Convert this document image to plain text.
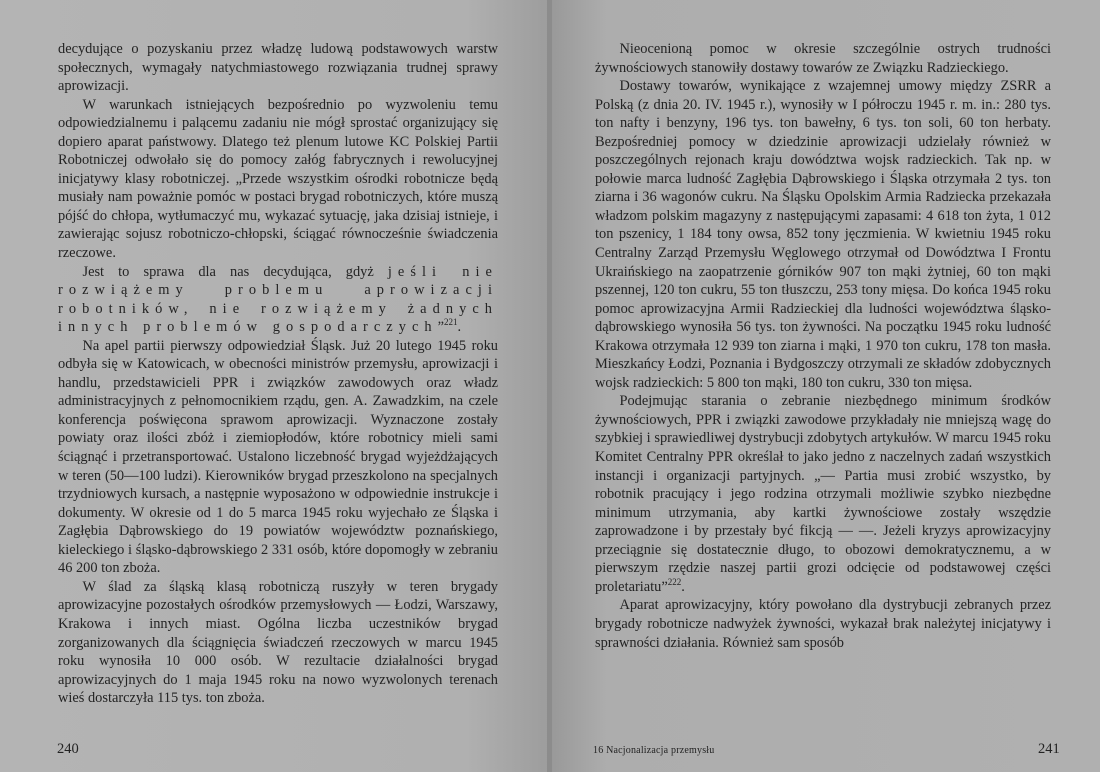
decydujące o pozyskaniu przez władzę ludową podstawowych warstw społecznych, wymagały natychmiastowego rozwiązania trudnej sprawy aprowizacji.

W warunkach istniejących bezpośrednio po wyzwoleniu temu odpowiedzialnemu i palącemu zadaniu nie mógł sprostać organizujący się dopiero aparat państwowy. Dlatego też plenum lutowe KC Polskiej Partii Robotniczej odwołało się do pomocy załóg fabrycznych i rewolucyjnej inicjatywy klasy robotniczej. „Przede wszystkim ośrodki robotnicze będą musiały nam poważnie pomóc w postaci brygad robotniczych, które muszą pójść do chłopa, wytłumaczyć mu, wykazać sytuację, jaka dzisiaj istnieje, i zawierając sojusz robotniczo-chłopski, ściągać równocześnie świadczenia rzeczowe.

Jest to sprawa dla nas decydująca, gdyż jeśli nie rozwiążemy problemu aprowizacji robotników, nie rozwiążemy żadnych innych problemów gospodarczych”$^{221}$.

Na apel partii pierwszy odpowiedział Śląsk. Już 20 lutego 1945 roku odbyła się w Katowicach, w obecności ministrów przemysłu, aprowizacji i handlu, przedstawicieli PPR i związków zawodowych oraz władz administracyjnych z pełnomocnikiem rządu, gen. A. Zawadzkim, na czele konferencja poświęcona sprawom aprowizacji. Wyznaczone zostały powiaty oraz ilości zbóż i ziemiopłodów, które robotnicy mieli sami ściągnąć i przetransportować. Ustalono liczebność brygad wyjeżdżających w teren (50—100 ludzi). Kierowników brygad przeszkolono na specjalnych trzydniowych kursach, a następnie wyposażono w odpowiednie instrukcje i dokumenty. W okresie od 1 do 5 marca 1945 roku wyjechało ze Śląska i Zagłębia Dąbrowskiego do 19 powiatów województw poznańskiego, kieleckiego i śląsko-dąbrowskiego 2 331 osób, które dopomogły w zebraniu 46 200 ton zboża.

W ślad za śląską klasą robotniczą ruszyły w teren brygady aprowizacyjne pozostałych ośrodków przemysłowych — Łodzi, Warszawy, Krakowa i innych miast. Ogólna liczba uczestników brygad zorganizowanych dla ściągnięcia świadczeń rzeczowych w marcu 1945 roku wynosiła 10 000 osób. W rezultacie działalności brygad aprowizacyjnych do 1 maja 1945 roku na nowo wyzwolonych terenach wieś dostarczyła 115 tys. ton zboża.

240

Nieocenioną pomoc w okresie szczególnie ostrych trudności żywnościowych stanowiły dostawy towarów ze Związku Radzieckiego.

Dostawy towarów, wynikające z wzajemnej umowy między ZSRR a Polską (z dnia 20. IV. 1945 r.), wynosiły w I półroczu 1945 r. m. in.: 280 tys. ton nafty i benzyny, 196 tys. ton bawełny, 6 tys. ton soli, 60 ton herbaty. Bezpośredniej pomocy w dziedzinie aprowizacji udzielały również w poszczególnych rejonach kraju dowództwa wojsk radzieckich. Tak np. w połowie marca ludność Zagłębia Dąbrowskiego i Śląska otrzymała 2 tys. ton ziarna i 36 wagonów cukru. Na Śląsku Opolskim Armia Radziecka przekazała władzom polskim magazyny z następującymi zapasami: 4 618 ton żyta, 1 012 ton pszenicy, 1 184 tony owsa, 852 tony jęczmienia. W kwietniu 1945 roku Centralny Zarząd Przemysłu Węglowego otrzymał od Dowództwa I Frontu Ukraińskiego na zaopatrzenie górników 907 ton mąki żytniej, 60 ton mąki pszennej, 120 ton cukru, 55 ton tłuszczu, 253 tony mięsa. Do końca 1945 roku pomoc aprowizacyjna Armii Radzieckiej dla ludności województwa śląsko-dąbrowskiego wynosiła 56 tys. ton żywności. Na początku 1945 roku ludność Krakowa otrzymała 12 939 ton ziarna i mąki, 1 970 ton cukru, 178 ton masła. Mieszkańcy Łodzi, Poznania i Bydgoszczy otrzymali ze składów zdobycznych wojsk radzieckich: 5 800 ton mąki, 180 ton cukru, 330 ton mięsa.

Podejmując starania o zebranie niezbędnego minimum środków żywnościowych, PPR i związki zawodowe przykładały nie mniejszą wagę do szybkiej i sprawiedliwej dystrybucji zdobytych artykułów. W marcu 1945 roku Komitet Centralny PPR określał to jako jedno z naczelnych zadań wszystkich instancji i organizacji partyjnych. „— Partia musi zrobić wszystko, by robotnik pracujący i jego rodzina otrzymali możliwie szybko niezbędne minimum utrzymania, aby kartki żywnościowe zostały wszędzie zaprowadzone i by przestały być fikcją — —. Jeżeli kryzys aprowizacyjny przeciągnie się dostatecznie długo, to obozowi demokratycznemu, a w pierwszym rzędzie naszej partii grozi odcięcie od podstawowej części proletariatu”$^{222}$.

Aparat aprowizacyjny, który powołano dla dystrybucji zebranych przez brygady robotnicze nadwyżek żywności, wykazał brak należytej inicjatywy i sprawności działania. Również sam sposób

16 Nacjonalizacja przemysłu	241
